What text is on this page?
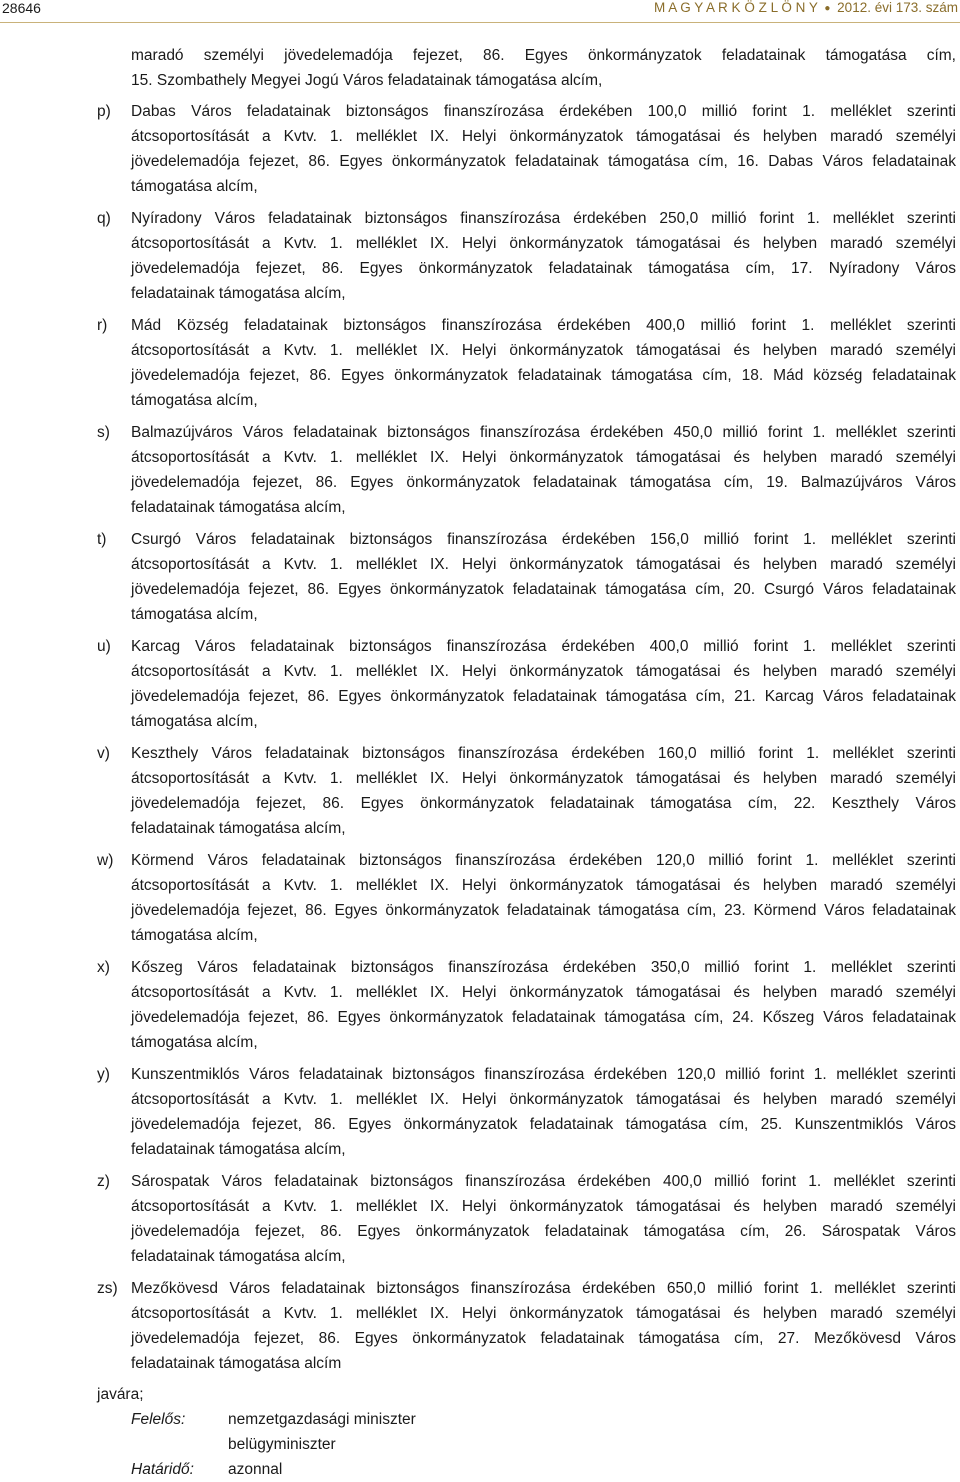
28646	M A G Y A R K Ö Z L Ö N Y ● 2012. évi 173. szám
maradó személyi jövedelemadója fejezet, 86. Egyes önkormányzatok feladatainak támogatása cím,
15. Szombathely Megyei Jogú Város feladatainak támogatása alcím,
p)	Dabas Város feladatainak biztonságos finanszírozása érdekében 100,0 millió forint 1. melléklet szerinti
átcsoportosítását a Kvtv. 1. melléklet IX. Helyi önkormányzatok támogatásai és helyben maradó személyi
jövedelemadója fejezet, 86. Egyes önkormányzatok feladatainak támogatása cím, 16. Dabas Város feladatainak
támogatása alcím,
q)	Nyíradony Város feladatainak biztonságos finanszírozása érdekében 250,0 millió forint 1. melléklet szerinti
átcsoportosítását a Kvtv. 1. melléklet IX. Helyi önkormányzatok támogatásai és helyben maradó személyi
jövedelemadója fejezet, 86. Egyes önkormányzatok feladatainak támogatása cím, 17. Nyíradony Város
feladatainak támogatása alcím,
r)	Mád Község feladatainak biztonságos finanszírozása érdekében 400,0 millió forint 1. melléklet szerinti
átcsoportosítását a Kvtv. 1. melléklet IX. Helyi önkormányzatok támogatásai és helyben maradó személyi
jövedelemadója fejezet, 86. Egyes önkormányzatok feladatainak támogatása cím, 18. Mád község feladatainak
támogatása alcím,
s)	Balmazújváros Város feladatainak biztonságos finanszírozása érdekében 450,0 millió forint 1. melléklet szerinti
átcsoportosítását a Kvtv. 1. melléklet IX. Helyi önkormányzatok támogatásai és helyben maradó személyi
jövedelemadója fejezet, 86. Egyes önkormányzatok feladatainak támogatása cím, 19. Balmazújváros Város
feladatainak támogatása alcím,
t)	Csurgó Város feladatainak biztonságos finanszírozása érdekében 156,0 millió forint 1. melléklet szerinti
átcsoportosítását a Kvtv. 1. melléklet IX. Helyi önkormányzatok támogatásai és helyben maradó személyi
jövedelemadója fejezet, 86. Egyes önkormányzatok feladatainak támogatása cím, 20. Csurgó Város feladatainak
támogatása alcím,
u)	Karcag Város feladatainak biztonságos finanszírozása érdekében 400,0 millió forint 1. melléklet szerinti
átcsoportosítását a Kvtv. 1. melléklet IX. Helyi önkormányzatok támogatásai és helyben maradó személyi
jövedelemadója fejezet, 86. Egyes önkormányzatok feladatainak támogatása cím, 21. Karcag Város feladatainak
támogatása alcím,
v)	Keszthely Város feladatainak biztonságos finanszírozása érdekében 160,0 millió forint 1. melléklet szerinti
átcsoportosítását a Kvtv. 1. melléklet IX. Helyi önkormányzatok támogatásai és helyben maradó személyi
jövedelemadója fejezet, 86. Egyes önkormányzatok feladatainak támogatása cím, 22. Keszthely Város
feladatainak támogatása alcím,
w)	Körmend Város feladatainak biztonságos finanszírozása érdekében 120,0 millió forint 1. melléklet szerinti
átcsoportosítását a Kvtv. 1. melléklet IX. Helyi önkormányzatok támogatásai és helyben maradó személyi
jövedelemadója fejezet, 86. Egyes önkormányzatok feladatainak támogatása cím, 23. Körmend Város feladatainak
támogatása alcím,
x)	Kőszeg Város feladatainak biztonságos finanszírozása érdekében 350,0 millió forint 1. melléklet szerinti
átcsoportosítását a Kvtv. 1. melléklet IX. Helyi önkormányzatok támogatásai és helyben maradó személyi
jövedelemadója fejezet, 86. Egyes önkormányzatok feladatainak támogatása cím, 24. Kőszeg Város feladatainak
támogatása alcím,
y)	Kunszentmiklós Város feladatainak biztonságos finanszírozása érdekében 120,0 millió forint 1. melléklet szerinti
átcsoportosítását a Kvtv. 1. melléklet IX. Helyi önkormányzatok támogatásai és helyben maradó személyi
jövedelemadója fejezet, 86. Egyes önkormányzatok feladatainak támogatása cím, 25. Kunszentmiklós Város
feladatainak támogatása alcím,
z)	Sárospatak Város feladatainak biztonságos finanszírozása érdekében 400,0 millió forint 1. melléklet szerinti
átcsoportosítását a Kvtv. 1. melléklet IX. Helyi önkormányzatok támogatásai és helyben maradó személyi
jövedelemadója fejezet, 86. Egyes önkormányzatok feladatainak támogatása cím, 26. Sárospatak Város
feladatainak támogatása alcím,
zs) Mezőkövesd Város feladatainak biztonságos finanszírozása érdekében 650,0 millió forint 1. melléklet szerinti
átcsoportosítását a Kvtv. 1. melléklet IX. Helyi önkormányzatok támogatásai és helyben maradó személyi
jövedelemadója fejezet, 86. Egyes önkormányzatok feladatainak támogatása cím, 27. Mezőkövesd Város
feladatainak támogatása alcím
javára;
Felelős:	nemzetgazdasági miniszter
belügyminiszter
Határidő: azonnal
